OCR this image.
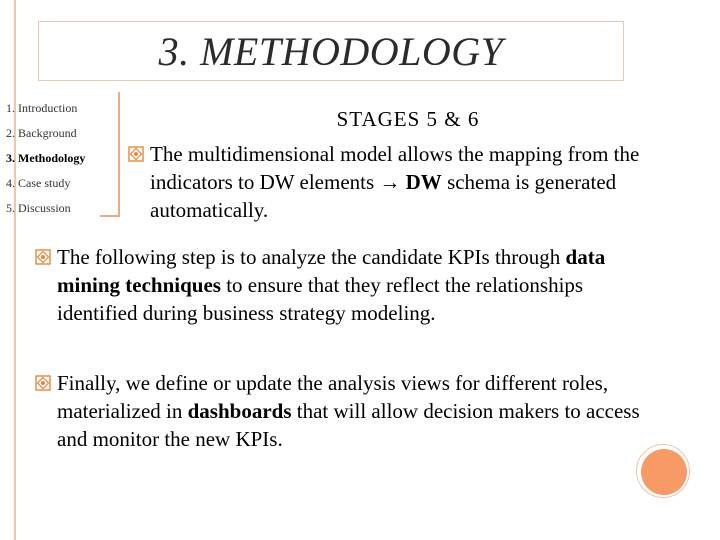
3. METHODOLOGY
1. Introduction
2. Background
3. Methodology
4. Case study
5. Discussion
STAGES 5 & 6

The multidimensional model allows the mapping from the indicators to DW elements → DW schema is generated automatically.

The following step is to analyze the candidate KPIs through data mining techniques to ensure that they reflect the relationships identified during business strategy modeling.

Finally, we define or update the analysis views for different roles, materialized in dashboards that will allow decision makers to access and monitor the new KPIs.
